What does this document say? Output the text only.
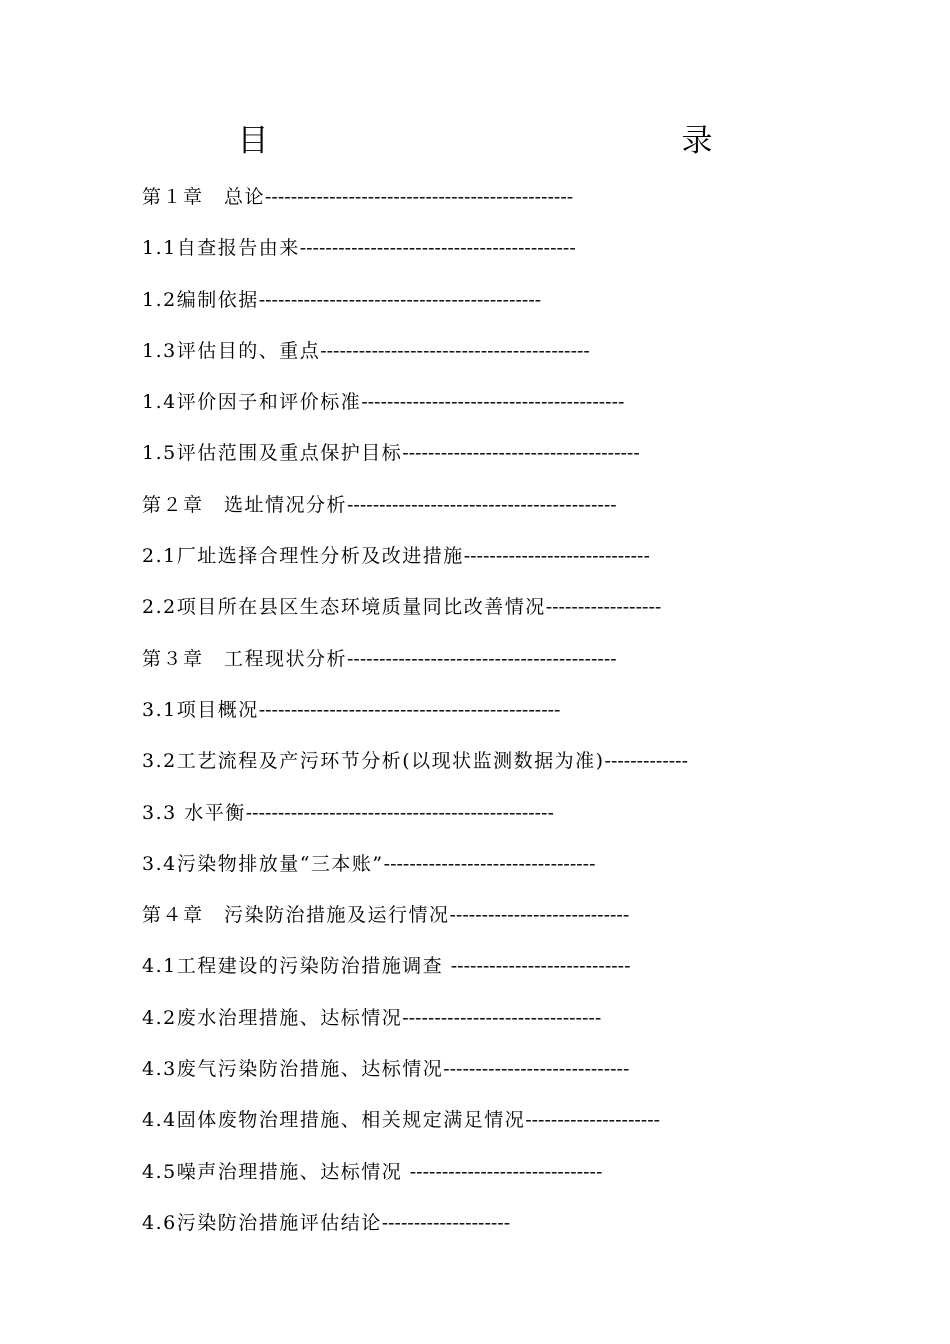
目　　　录
第１章　总论------------------------------------------------
1.1自查报告由来-------------------------------------------
1.2编制依据--------------------------------------------
1.3评估目的、重点------------------------------------------
1.4评价因子和评价标准-----------------------------------------
1.5评估范围及重点保护目标-------------------------------------
第２章　选址情况分析------------------------------------------
2.1厂址选择合理性分析及改进措施-----------------------------
2.2项目所在县区生态环境质量同比改善情况------------------
第３章　工程现状分析------------------------------------------
3.1项目概况-----------------------------------------------
3.2工艺流程及产污环节分析(以现状监测数据为准)-------------
3.3 水平衡------------------------------------------------
3.4污染物排放量“三本账”---------------------------------
第４章　污染防治措施及运行情况----------------------------
4.1工程建设的污染防治措施调查 ----------------------------
4.2废水治理措施、达标情况-------------------------------
4.3废气污染防治措施、达标情况-----------------------------
4.4固体废物治理措施、相关规定满足情况---------------------
4.5噪声治理措施、达标情况 ------------------------------
4.6污染防治措施评估结论--------------------
